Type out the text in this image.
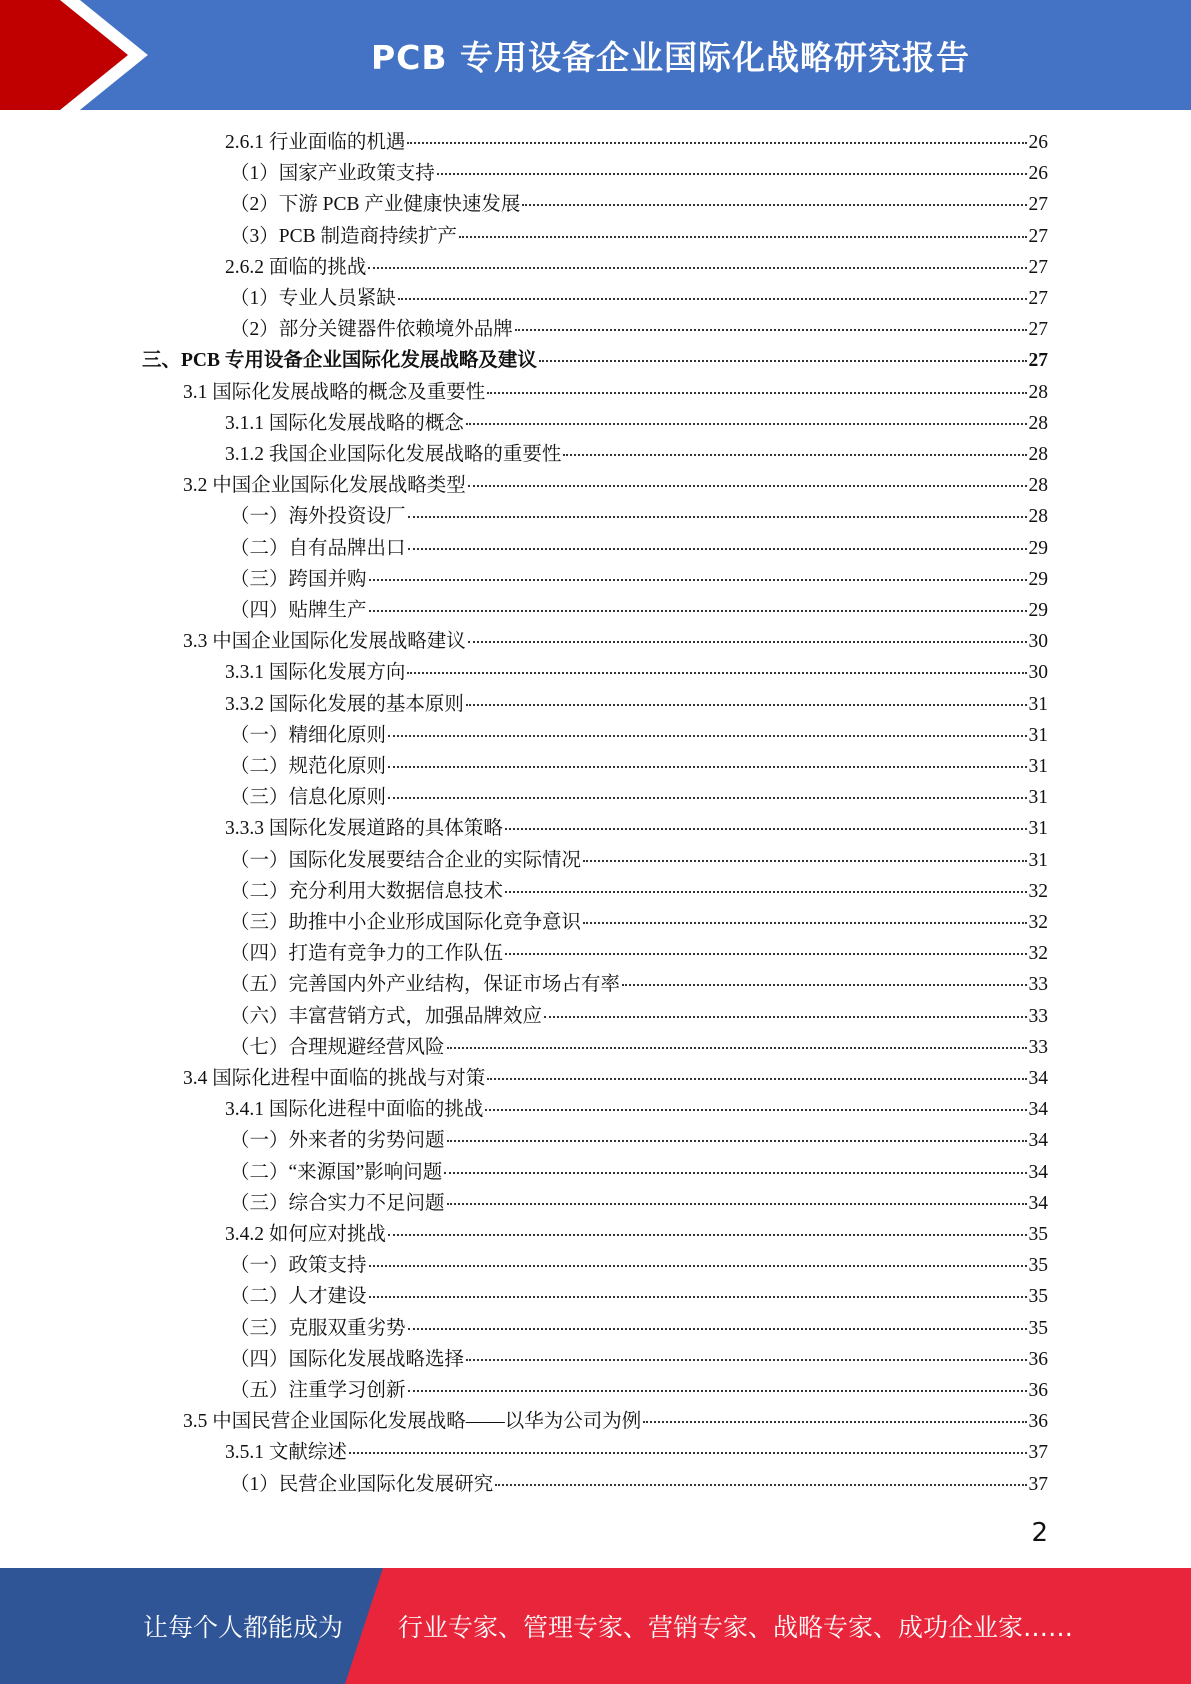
PCB 专用设备企业国际化战略研究报告
2.6.1 行业面临的机遇	26
（1）国家产业政策支持	26
（2）下游 PCB 产业健康快速发展	27
（3）PCB 制造商持续扩产	27
2.6.2 面临的挑战	27
（1）专业人员紧缺	27
（2）部分关键器件依赖境外品牌	27
三、PCB 专用设备企业国际化发展战略及建议	27
3.1 国际化发展战略的概念及重要性	28
3.1.1 国际化发展战略的概念	28
3.1.2 我国企业国际化发展战略的重要性	28
3.2 中国企业国际化发展战略类型	28
（一）海外投资设厂	28
（二）自有品牌出口	29
（三）跨国并购	29
（四）贴牌生产	29
3.3 中国企业国际化发展战略建议	30
3.3.1 国际化发展方向	30
3.3.2 国际化发展的基本原则	31
（一）精细化原则	31
（二）规范化原则	31
（三）信息化原则	31
3.3.3 国际化发展道路的具体策略	31
（一）国际化发展要结合企业的实际情况	31
（二）充分利用大数据信息技术	32
（三）助推中小企业形成国际化竞争意识	32
（四）打造有竞争力的工作队伍	32
（五）完善国内外产业结构，保证市场占有率	33
（六）丰富营销方式，加强品牌效应	33
（七）合理规避经营风险	33
3.4 国际化进程中面临的挑战与对策	34
3.4.1 国际化进程中面临的挑战	34
（一）外来者的劣势问题	34
（二）“来源国”影响问题	34
（三）综合实力不足问题	34
3.4.2 如何应对挑战	35
（一）政策支持	35
（二）人才建设	35
（三）克服双重劣势	35
（四）国际化发展战略选择	36
（五）注重学习创新	36
3.5 中国民营企业国际化发展战略——以华为公司为例	36
3.5.1 文献综述	37
（1）民营企业国际化发展研究	37
2
让每个人都能成为 行业专家、管理专家、营销专家、战略专家、成功企业家……
